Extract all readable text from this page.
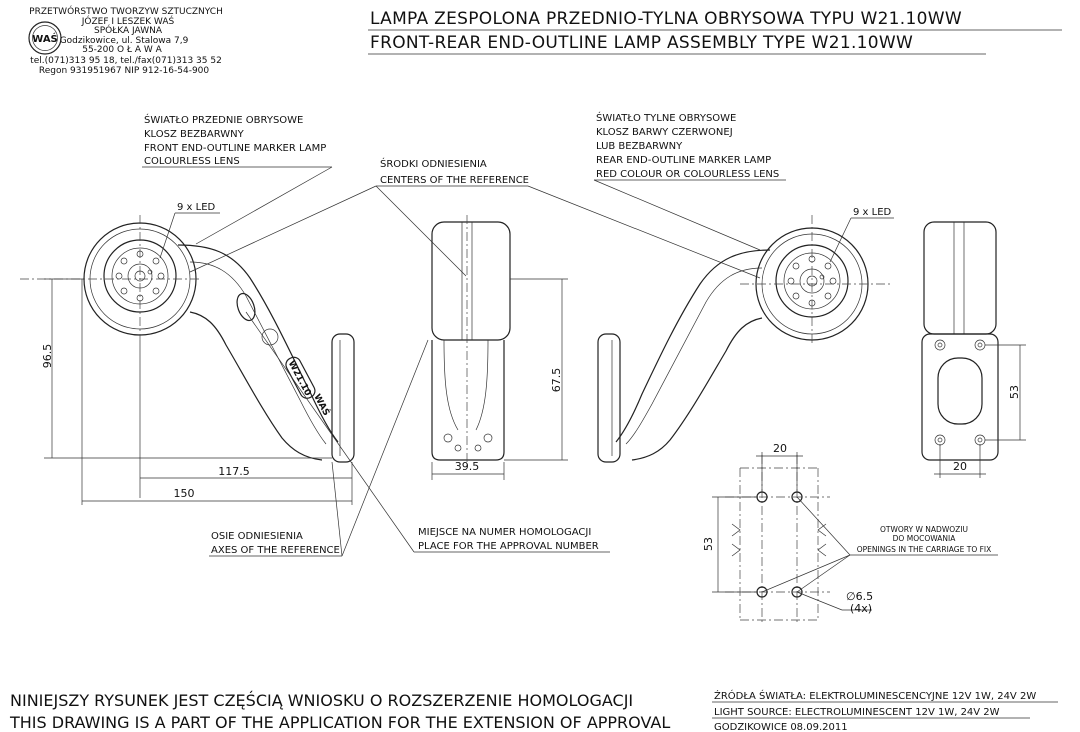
WAŚ
PRZETWÓRSTWO TWORZYW SZTUCZNYCH
JÓZEF I LESZEK WAŚ
SPÓŁKA JAWNA
Godzikowice, ul. Stalowa 7,9
55-200 O Ł A W A
tel.(071)313 95 18, tel./fax(071)313 35 52
Regon 931951967 NIP 912-16-54-900
LAMPA ZESPOLONA PRZEDNIO-TYLNA OBRYSOWA TYPU W21.10WW
FRONT-REAR END-OUTLINE LAMP ASSEMBLY TYPE W21.10WW
W21.10
WAŚ
96.5
117.5
150
67.5
39.5
53
20
20
53
∅6.5
(4x)
ŚWIATŁO PRZEDNIE OBRYSOWE
KLOSZ BEZBARWNY
FRONT END-OUTLINE MARKER LAMP
COLOURLESS LENS	ŚRODKI ODNIESIENIA
CENTERS OF THE REFERENCE
ŚWIATŁO TYLNE OBRYSOWE
KLOSZ BARWY CZERWONEJ
LUB BEZBARWNY
REAR END-OUTLINE MARKER LAMP
RED COLOUR OR COLOURLESS LENS
9 x LED	9 x LED
OSIE ODNIESIENIA
AXES OF THE REFERENCE
MIEJSCE NA NUMER HOMOLOGACJI
PLACE FOR THE APPROVAL NUMBER
OTWORY W NADWOZIU
DO MOCOWANIA
OPENINGS IN THE CARRIAGE TO FIX
NINIEJSZY RYSUNEK JEST CZĘŚCIĄ WNIOSKU O ROZSZERZENIE HOMOLOGACJI
THIS DRAWING IS A PART OF THE APPLICATION FOR THE EXTENSION OF APPROVAL
ŹRÓDŁA ŚWIATŁA: ELEKTROLUMINESCENCYJNE 12V 1W, 24V 2W
LIGHT SOURCE: ELECTROLUMINESCENT 12V 1W, 24V 2W
GODZIKOWICE 08.09.2011
